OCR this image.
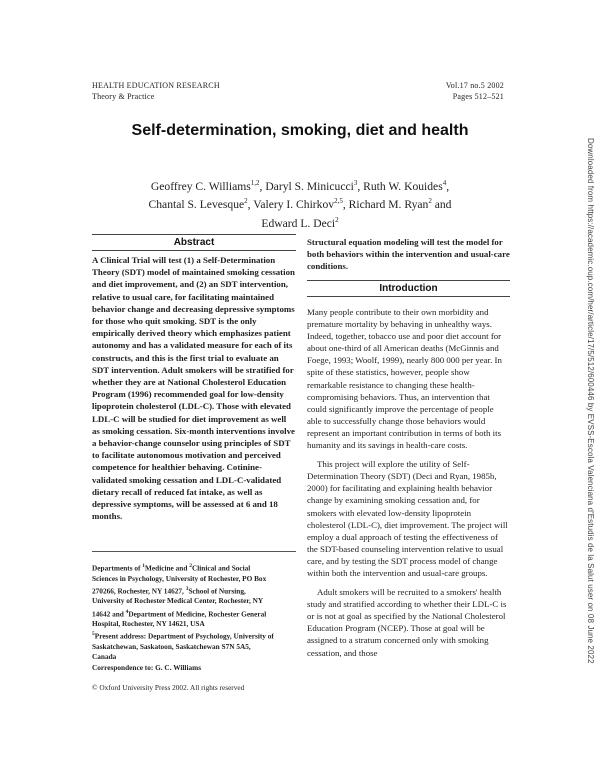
HEALTH EDUCATION RESEARCH
Theory & Practice
Vol.17 no.5 2002
Pages 512–521
Self-determination, smoking, diet and health
Geoffrey C. Williams$^{1,2}$, Daryl S. Minicucci$^3$, Ruth W. Kouides$^4$,
Chantal S. Levesque$^2$, Valery I. Chirkov$^{2,5}$, Richard M. Ryan$^2$ and
Edward L. Deci$^2$
Abstract
A Clinical Trial will test (1) a Self-Determination Theory (SDT) model of maintained smoking cessation and diet improvement, and (2) an SDT intervention, relative to usual care, for facilitating maintained behavior change and decreasing depressive symptoms for those who quit smoking. SDT is the only empirically derived theory which emphasizes patient autonomy and has a validated measure for each of its constructs, and this is the first trial to evaluate an SDT intervention. Adult smokers will be stratified for whether they are at National Cholesterol Education Program (1996) recommended goal for low-density lipoprotein cholesterol (LDL-C). Those with elevated LDL-C will be studied for diet improvement as well as smoking cessation. Six-month interventions involve a behavior-change counselor using principles of SDT to facilitate autonomous motivation and perceived competence for healthier behaving. Cotinine-validated smoking cessation and LDL-C-validated dietary recall of reduced fat intake, as well as depressive symptoms, will be assessed at 6 and 18 months.
Structural equation modeling will test the model for both behaviors within the intervention and usual-care conditions.
Introduction

Many people contribute to their own morbidity and premature mortality by behaving in unhealthy ways. Indeed, together, tobacco use and poor diet account for about one-third of all American deaths (McGinnis and Foege, 1993; Woolf, 1999), nearly 800 000 per year. In spite of these statistics, however, people show remarkable resistance to changing these health-compromising behaviors. Thus, an intervention that could significantly improve the percentage of people able to successfully change those behaviors would represent an important contribution in terms of both its humanity and its savings in health-care costs.

This project will explore the utility of Self-Determination Theory (SDT) (Deci and Ryan, 1985b, 2000) for facilitating and explaining health behavior change by examining smoking cessation and, for smokers with elevated low-density lipoprotein cholesterol (LDL-C), diet improvement. The project will employ a dual approach of testing the effectiveness of the SDT-based counseling intervention relative to usual care, and by testing the SDT process model of change within both the intervention and usual-care groups.

Adult smokers will be recruited to a smokers' health study and stratified according to whether their LDL-C is or is not at goal as specified by the National Cholesterol Education Program (NCEP). Those at goal will be assigned to a stratum concerned only with smoking cessation, and those

Departments of $^1$Medicine and $^2$Clinical and Social
Sciences in Psychology, University of Rochester, PO Box
270266, Rochester, NY 14627, $^3$School of Nursing,
University of Rochester Medical Center, Rochester, NY
14642 and $^4$Department of Medicine, Rochester General
Hospital, Rochester, NY 14621, USA
$^5$Present address: Department of Psychology, University of
Saskatchewan, Saskatoon, Saskatchewan S7N 5A5,
Canada
Correspondence to: G. C. Williams
© Oxford University Press 2002. All rights reserved
Downloaded from https://academic.oup.com/her/article/17/5/512/600446 by EVSS-Escola Valenciana d'Estudis de la Salut user on 08 June 2022
